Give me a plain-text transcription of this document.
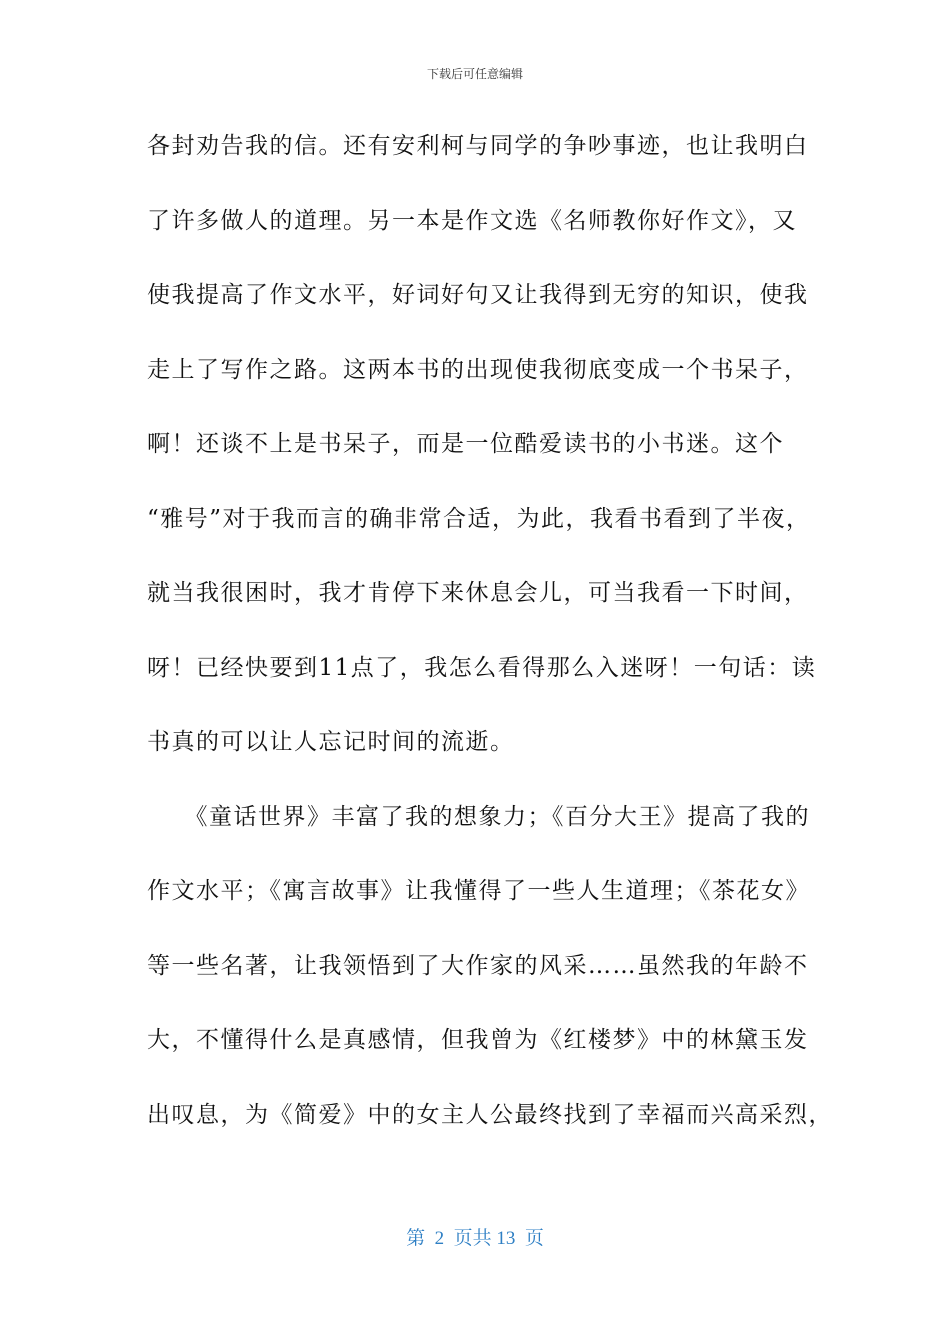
下载后可任意编辑
各封劝告我的信。还有安利柯与同学的争吵事迹，也让我明白
了许多做人的道理。另一本是作文选《名师教你好作文》，又
使我提高了作文水平，好词好句又让我得到无穷的知识，使我
走上了写作之路。这两本书的出现使我彻底变成一个书呆子，
啊！还谈不上是书呆子，而是一位酷爱读书的小书迷。这个
“雅号”对于我而言的确非常合适，为此，我看书看到了半夜，
就当我很困时，我才肯停下来休息会儿，可当我看一下时间，
呀！已经快要到11点了，我怎么看得那么入迷呀！一句话：读
书真的可以让人忘记时间的流逝。
　　《童话世界》丰富了我的想象力；《百分大王》提高了我的
作文水平；《寓言故事》让我懂得了一些人生道理；《茶花女》
等一些名著，让我领悟到了大作家的风采……虽然我的年龄不
大，不懂得什么是真感情，但我曾为《红楼梦》中的林黛玉发
出叹息，为《简爱》中的女主人公最终找到了幸福而兴高采烈，
第  2  页共 13  页
